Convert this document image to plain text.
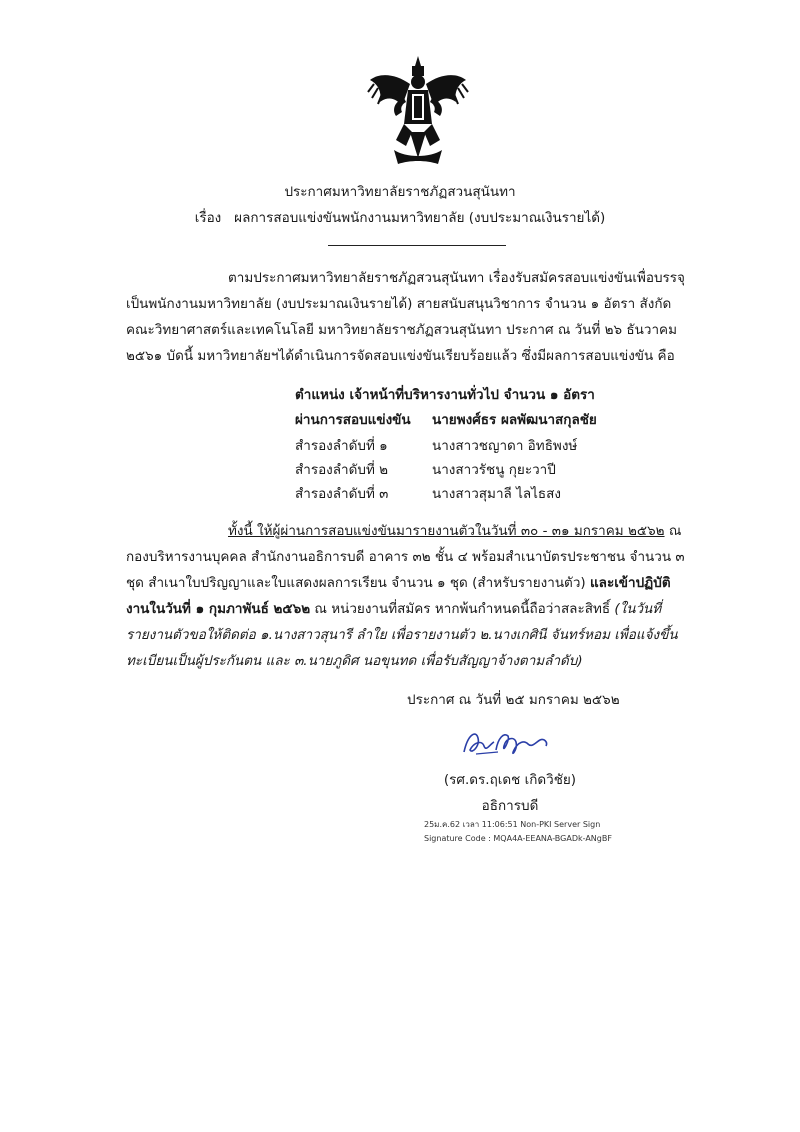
ประกาศมหาวิทยาลัยราชภัฏสวนสุนันทา
เรื่อง ผลการสอบแข่งขันพนักงานมหาวิทยาลัย (งบประมาณเงินรายได้)
ตามประกาศมหาวิทยาลัยราชภัฏสวนสุนันทา เรื่องรับสมัครสอบแข่งขันเพื่อบรรจุเป็นพนักงานมหาวิทยาลัย (งบประมาณเงินรายได้) สายสนับสนุนวิชาการ จำนวน ๑ อัตรา สังกัดคณะวิทยาศาสตร์และเทคโนโลยี มหาวิทยาลัยราชภัฏสวนสุนันทา ประกาศ ณ วันที่ ๒๖ ธันวาคม ๒๕๖๑ บัดนี้ มหาวิทยาลัยฯได้ดำเนินการจัดสอบแข่งขันเรียบร้อยแล้ว ซึ่งมีผลการสอบแข่งขัน คือ
ตำแหน่ง เจ้าหน้าที่บริหารงานทั่วไป จำนวน ๑ อัตรา
ผ่านการสอบแข่งขัน นายพงศ์ธร ผลพัฒนาสกุลชัย
สำรองลำดับที่ ๑	นางสาวชญาดา อิทธิพงษ์
สำรองลำดับที่ ๒	นางสาวรัชนู กุยะวาปี
สำรองลำดับที่ ๓	นางสาวสุมาลี ไลไธสง
ทั้งนี้ ให้ผู้ผ่านการสอบแข่งขันมารายงานตัวในวันที่ ๓๐ - ๓๑ มกราคม ๒๕๖๒ ณ กองบริหารงานบุคคล สำนักงานอธิการบดี อาคาร ๓๒ ชั้น ๔ พร้อมสำเนาบัตรประชาชน จำนวน ๓ ชุด สำเนาใบปริญญาและใบแสดงผลการเรียน จำนวน ๑ ชุด (สำหรับรายงานตัว) และเข้าปฏิบัติงานในวันที่ ๑ กุมภาพันธ์ ๒๕๖๒ ณ หน่วยงานที่สมัคร หากพ้นกำหนดนี้ถือว่าสละสิทธิ์ (ในวันที่รายงานตัวขอให้ติดต่อ ๑.นางสาวสุนารี ลำใย เพื่อรายงานตัว ๒.นางเกศินี จันทร์หอม เพื่อแจ้งขึ้นทะเบียนเป็นผู้ประกันตน และ ๓.นายภูดิศ นอขุนทด เพื่อรับสัญญาจ้างตามลำดับ)
ประกาศ ณ วันที่ ๒๕ มกราคม ๒๕๖๒
(รศ.ดร.ฤเดช เกิดวิชัย)
อธิการบดี
25ม.ค.62 เวลา 11:06:51 Non-PKI Server Sign
Signature Code : MQA4A-EEANA-BGADk-ANgBF
